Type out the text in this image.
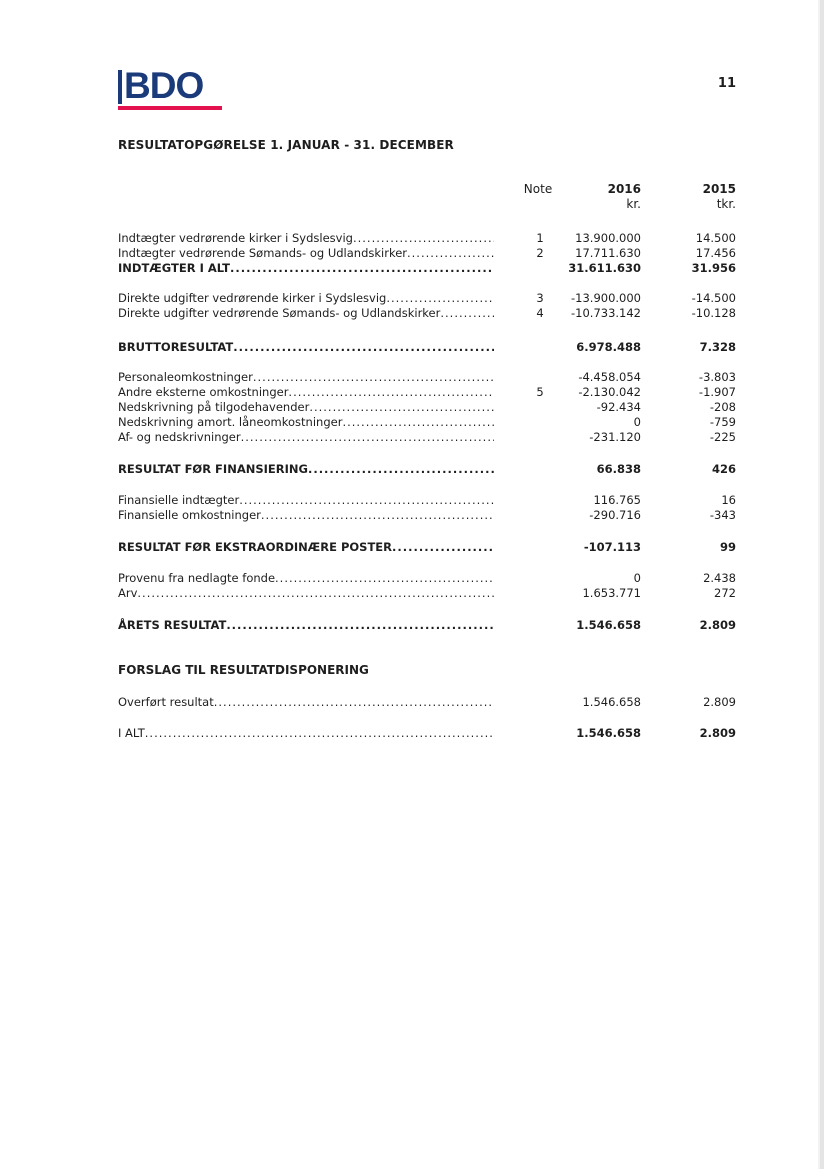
BDO	11
RESULTATOPGØRELSE 1. JANUAR - 31. DECEMBER
Note	2016	2015
kr.	tkr.
Indtægter vedrørende kirker i Sydslesvig .....	1	13.900.000	14.500
Indtægter vedrørende Sømands- og Udlandskirker .....	2	17.711.630	17.456
INDTÆGTER I ALT .....	31.611.630	31.956
Direkte udgifter vedrørende kirker i Sydslesvig .....	3	-13.900.000	-14.500
Direkte udgifter vedrørende Sømands- og Udlandskirker .....	4	-10.733.142	-10.128
BRUTTORESULTAT .....	6.978.488	7.328
Personaleomkostninger .....	-4.458.054	-3.803
Andre eksterne omkostninger .....	5	-2.130.042	-1.907
Nedskrivning på tilgodehavender .....	-92.434	-208
Nedskrivning amort. låneomkostninger .....	0	-759
Af- og nedskrivninger .....	-231.120	-225
RESULTAT FØR FINANSIERING .....	66.838	426
Finansielle indtægter .....	116.765	16
Finansielle omkostninger .....	-290.716	-343
RESULTAT FØR EKSTRAORDINÆRE POSTER .....	-107.113	99
Provenu fra nedlagte fonde .....	0	2.438
Arv .....	1.653.771	272
ÅRETS RESULTAT .....	1.546.658	2.809
FORSLAG TIL RESULTATDISPONERING
Overført resultat .....	1.546.658	2.809
I ALT .....	1.546.658	2.809
